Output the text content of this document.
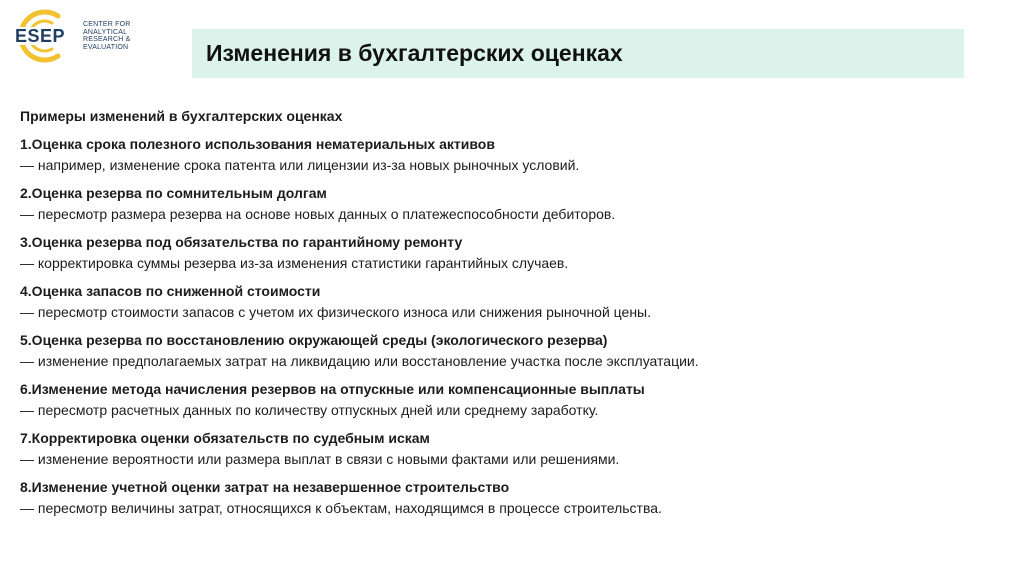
ESEP
CENTER FOR
ANALYTICAL
RESEARCH &
EVALUATION	Изменения в бухгалтерских оценках
Примеры изменений в бухгалтерских оценках
1.Оценка срока полезного использования нематериальных активов
— например, изменение срока патента или лицензии из-за новых рыночных условий.
2.Оценка резерва по сомнительным долгам
— пересмотр размера резерва на основе новых данных о платежеспособности дебиторов.
3.Оценка резерва под обязательства по гарантийному ремонту
— корректировка суммы резерва из-за изменения статистики гарантийных случаев.
4.Оценка запасов по сниженной стоимости
— пересмотр стоимости запасов с учетом их физического износа или снижения рыночной цены.
5.Оценка резерва по восстановлению окружающей среды (экологического резерва)
— изменение предполагаемых затрат на ликвидацию или восстановление участка после эксплуатации.
6.Изменение метода начисления резервов на отпускные или компенсационные выплаты
— пересмотр расчетных данных по количеству отпускных дней или среднему заработку.
7.Корректировка оценки обязательств по судебным искам
— изменение вероятности или размера выплат в связи с новыми фактами или решениями.
8.Изменение учетной оценки затрат на незавершенное строительство
— пересмотр величины затрат, относящихся к объектам, находящимся в процессе строительства.
